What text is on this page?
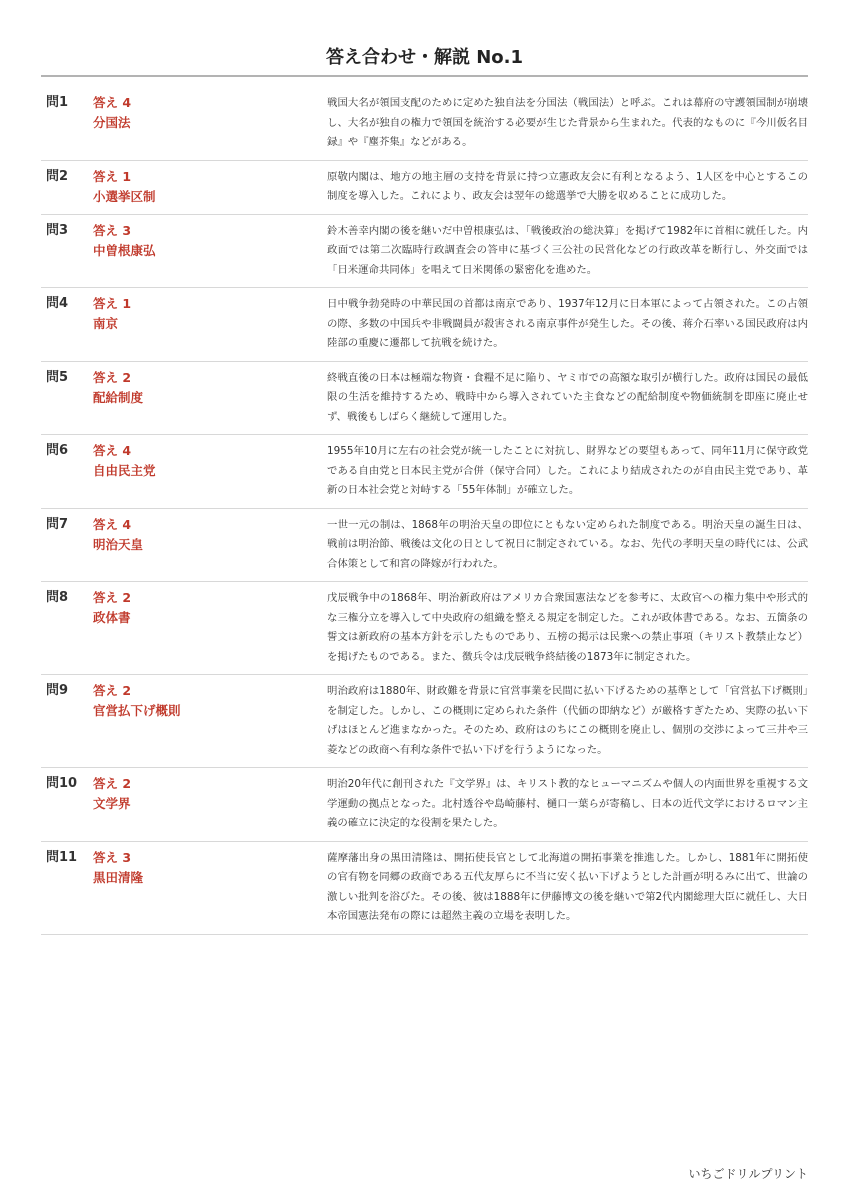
答え合わせ・解説 No.1
問1	答え 4
分国法

戦国大名が領国支配のために定めた独自法を分国法（戦国法）と呼ぶ。これは幕府の守護領国制が崩壊し、大名が独自の権力で領国を統治する必要が生じた背景から生まれた。代表的なものに『今川仮名目録』や『塵芥集』などがある。

問2	答え 1
小選挙区制

原敬内閣は、地方の地主層の支持を背景に持つ立憲政友会に有利となるよう、1人区を中心とするこの制度を導入した。これにより、政友会は翌年の総選挙で大勝を収めることに成功した。

問3	答え 3
中曽根康弘

鈴木善幸内閣の後を継いだ中曽根康弘は、「戦後政治の総決算」を掲げて1982年に首相に就任した。内政面では第二次臨時行政調査会の答申に基づく三公社の民営化などの行政改革を断行し、外交面では「日米運命共同体」を唱えて日米関係の緊密化を進めた。

問4	答え 1
南京

日中戦争勃発時の中華民国の首都は南京であり、1937年12月に日本軍によって占領された。この占領の際、多数の中国兵や非戦闘員が殺害される南京事件が発生した。その後、蒋介石率いる国民政府は内陸部の重慶に遷都して抗戦を続けた。

問5	答え 2
配給制度

終戦直後の日本は極端な物資・食糧不足に陥り、ヤミ市での高額な取引が横行した。政府は国民の最低限の生活を維持するため、戦時中から導入されていた主食などの配給制度や物価統制を即座に廃止せず、戦後もしばらく継続して運用した。

問6	答え 4
自由民主党

1955年10月に左右の社会党が統一したことに対抗し、財界などの要望もあって、同年11月に保守政党である自由党と日本民主党が合併（保守合同）した。これにより結成されたのが自由民主党であり、革新の日本社会党と対峙する「55年体制」が確立した。

問7	答え 4
明治天皇

一世一元の制は、1868年の明治天皇の即位にともない定められた制度である。明治天皇の誕生日は、戦前は明治節、戦後は文化の日として祝日に制定されている。なお、先代の孝明天皇の時代には、公武合体策として和宮の降嫁が行われた。

問8	答え 2
政体書

戊辰戦争中の1868年、明治新政府はアメリカ合衆国憲法などを参考に、太政官への権力集中や形式的な三権分立を導入して中央政府の組織を整える規定を制定した。これが政体書である。なお、五箇条の誓文は新政府の基本方針を示したものであり、五榜の掲示は民衆への禁止事項（キリスト教禁止など）を掲げたものである。また、徴兵令は戊辰戦争終結後の1873年に制定された。

問9	答え 2
官営払下げ概則

明治政府は1880年、財政難を背景に官営事業を民間に払い下げるための基準として「官営払下げ概則」を制定した。しかし、この概則に定められた条件（代価の即納など）が厳格すぎたため、実際の払い下げはほとんど進まなかった。そのため、政府はのちにこの概則を廃止し、個別の交渉によって三井や三菱などの政商へ有利な条件で払い下げを行うようになった。

問10	答え 2
文学界

明治20年代に創刊された『文学界』は、キリスト教的なヒューマニズムや個人の内面世界を重視する文学運動の拠点となった。北村透谷や島崎藤村、樋口一葉らが寄稿し、日本の近代文学におけるロマン主義の確立に決定的な役割を果たした。

問11	答え 3
黒田清隆

薩摩藩出身の黒田清隆は、開拓使長官として北海道の開拓事業を推進した。しかし、1881年に開拓使の官有物を同郷の政商である五代友厚らに不当に安く払い下げようとした計画が明るみに出て、世論の激しい批判を浴びた。その後、彼は1888年に伊藤博文の後を継いで第2代内閣総理大臣に就任し、大日本帝国憲法発布の際には超然主義の立場を表明した。

いちごドリルプリント
